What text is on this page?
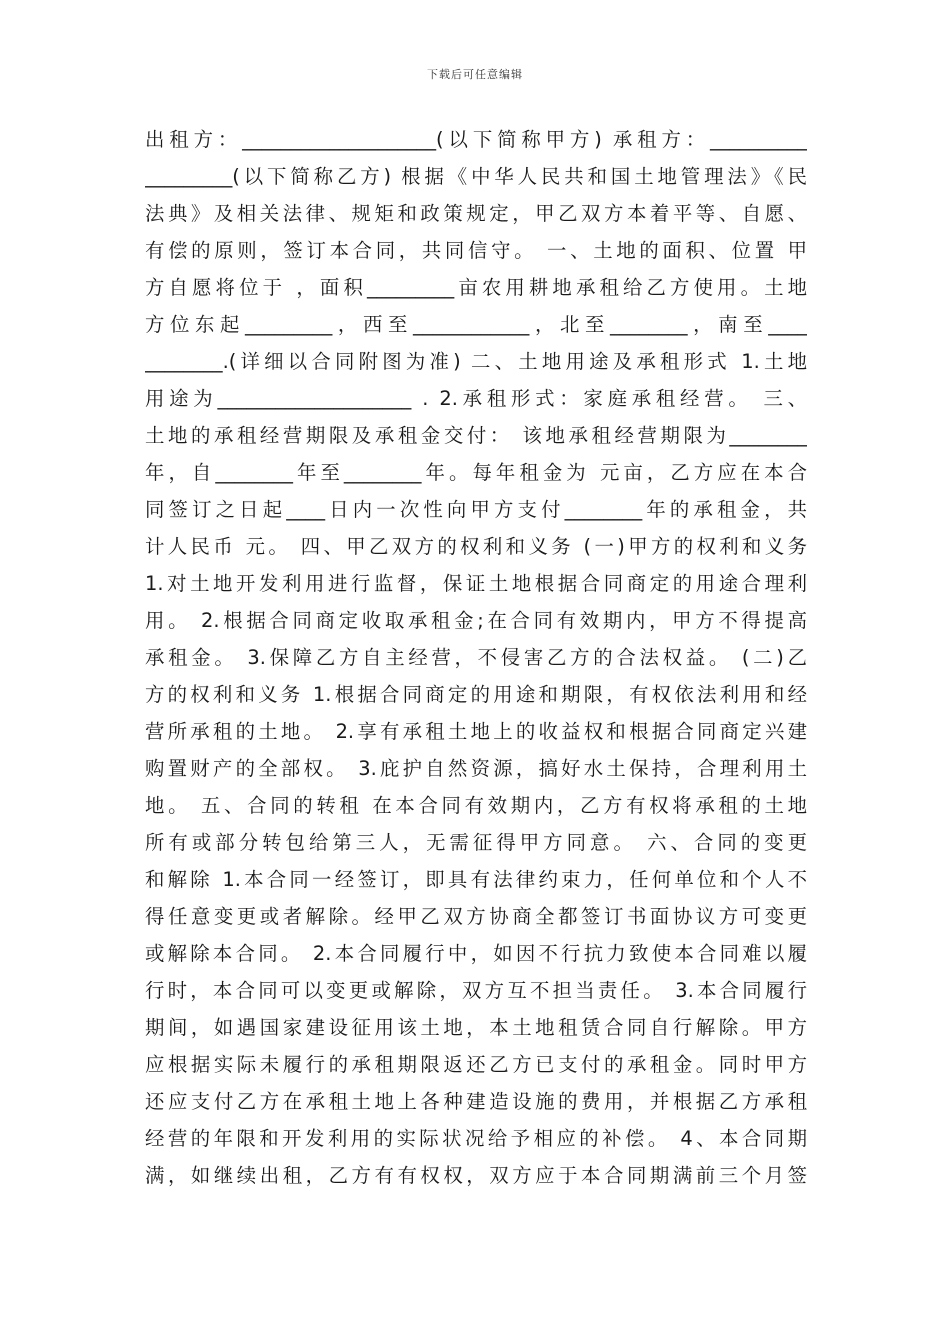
下载后可任意编辑
出租方：____________________(以下简称甲方) 承租方：__________
_________(以下简称乙方) 根据《中华人民共和国土地管理法》《民
法典》及相关法律、规矩和政策规定，甲乙双方本着平等、自愿、
有偿的原则，签订本合同，共同信守。 一、土地的面积、位置 甲
方自愿将位于 ，面积_________亩农用耕地承租给乙方使用。土地
方位东起_________，西至____________，北至________，南至____
________.(详细以合同附图为准) 二、土地用途及承租形式 1.土地
用途为____________________ . 2.承租形式：家庭承租经营。 三、
土地的承租经营期限及承租金交付： 该地承租经营期限为________
年，自________年至________年。每年租金为 元亩，乙方应在本合
同签订之日起____日内一次性向甲方支付________年的承租金，共
计人民币 元。 四、甲乙双方的权利和义务 (一)甲方的权利和义务
1.对土地开发利用进行监督，保证土地根据合同商定的用途合理利
用。 2.根据合同商定收取承租金;在合同有效期内，甲方不得提高
承租金。 3.保障乙方自主经营，不侵害乙方的合法权益。 (二)乙
方的权利和义务 1.根据合同商定的用途和期限，有权依法利用和经
营所承租的土地。 2.享有承租土地上的收益权和根据合同商定兴建
购置财产的全部权。 3.庇护自然资源，搞好水土保持，合理利用土
地。 五、合同的转租 在本合同有效期内，乙方有权将承租的土地
所有或部分转包给第三人，无需征得甲方同意。 六、合同的变更
和解除 1.本合同一经签订，即具有法律约束力，任何单位和个人不
得任意变更或者解除。经甲乙双方协商全都签订书面协议方可变更
或解除本合同。 2.本合同履行中，如因不行抗力致使本合同难以履
行时，本合同可以变更或解除，双方互不担当责任。 3.本合同履行
期间，如遇国家建设征用该土地，本土地租赁合同自行解除。甲方
应根据实际未履行的承租期限返还乙方已支付的承租金。同时甲方
还应支付乙方在承租土地上各种建造设施的费用，并根据乙方承租
经营的年限和开发利用的实际状况给予相应的补偿。 4、本合同期
满，如继续出租，乙方有有权权，双方应于本合同期满前三个月签
